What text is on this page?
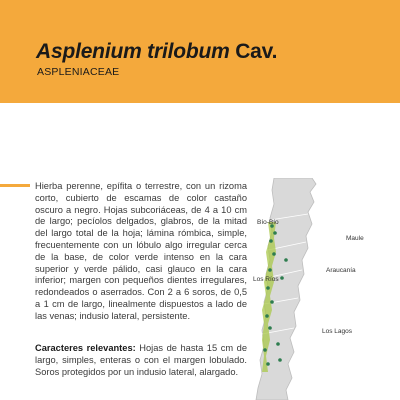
Asplenium trilobum Cav.
ASPLENIACEAE

Hierba perenne, epífita o terrestre, con un rizoma corto, cubierto de escamas de color castaño oscuro a negro. Hojas subcoriáceas, de 4 a 10 cm de largo; pecíolos delgados, glabros, de la mitad del largo total de la hoja; lámina rómbica, simple, frecuentemente con un lóbulo algo irregular cerca de la base, de color verde intenso en la cara superior y verde pálido, casi glauco en la cara inferior; margen con pequeños dientes irregulares, redondeados o aserrados. Con 2 a 6 soros, de 0,5 a 1 cm de largo, linealmente dispuestos a lado de las venas; indusio lateral, persistente.

Caracteres relevantes: Hojas de hasta 15 cm de largo, simples, enteras o con el margen lobulado. Soros protegidos por un indusio lateral, alargado.

Bío-Bío
Maule
Araucanía
Los Ríos
Los Lagos
